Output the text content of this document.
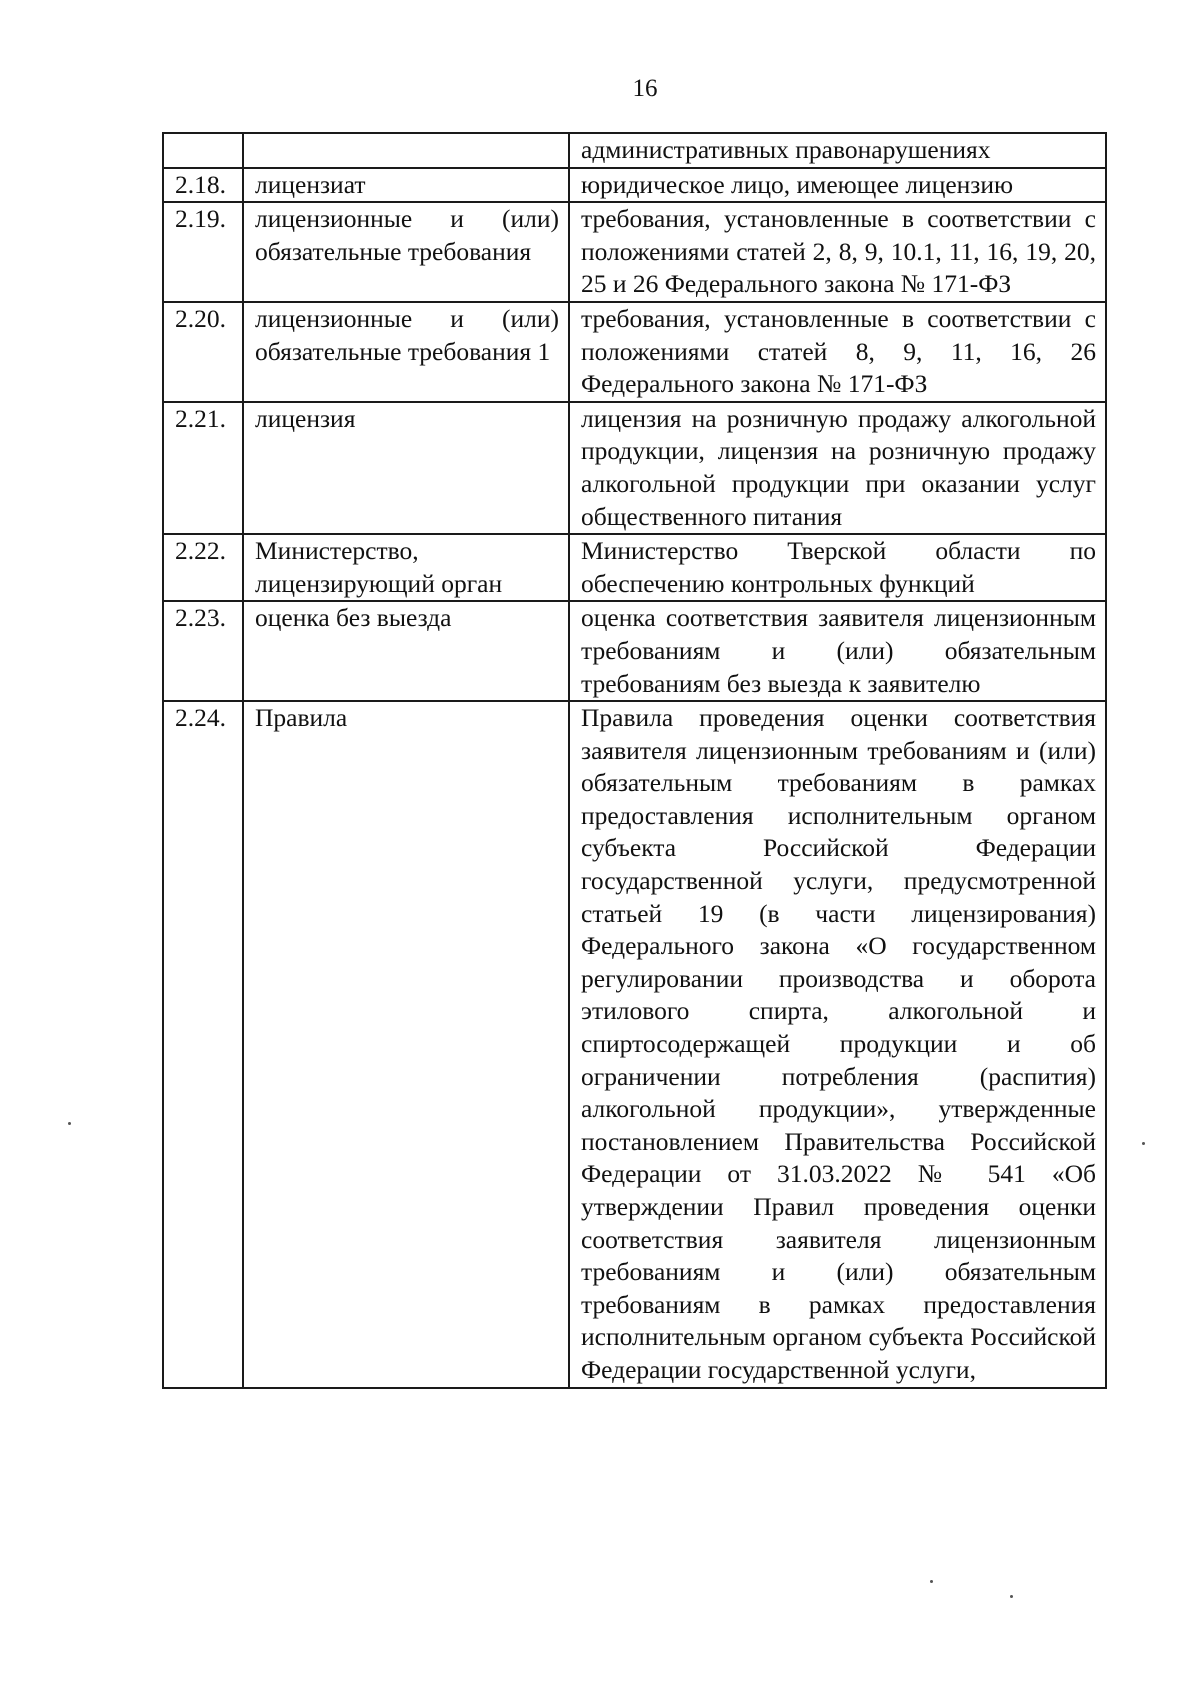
16
		административных правонарушениях
2.18.	лицензиат	юридическое лицо, имеющее лицензию
2.19.	лицензионные и (или) обязательные требования	требования, установленные в соответствии с положениями статей 2, 8, 9, 10.1, 11, 16, 19, 20, 25 и 26 Федерального закона № 171-ФЗ
2.20.	лицензионные и (или) обязательные требования 1	требования, установленные в соответствии с положениями статей 8, 9, 11, 16, 26 Федерального закона № 171-ФЗ
2.21.	лицензия	лицензия на розничную продажу алкогольной продукции, лицензия на розничную продажу алкогольной продукции при оказании услуг общественного питания
2.22.	Министерство, лицензирующий орган	Министерство Тверской области по обеспечению контрольных функций
2.23.	оценка без выезда	оценка соответствия заявителя лицензионным требованиям и (или) обязательным требованиям без выезда к заявителю
2.24.	Правила	Правила проведения оценки соответствия заявителя лицензионным требованиям и (или) обязательным требованиям в рамках предоставления исполнительным органом субъекта Российской Федерации государственной услуги, предусмотренной статьей 19 (в части лицензирования) Федерального закона «О государственном регулировании производства и оборота этилового спирта, алкогольной и спиртосодержащей продукции и об ограничении потребления (распития) алкогольной продукции», утвержденные постановлением Правительства Российской Федерации от 31.03.2022 № 541 «Об утверждении Правил проведения оценки соответствия заявителя лицензионным требованиям и (или) обязательным требованиям в рамках предоставления исполнительным органом субъекта Российской Федерации государственной услуги,
